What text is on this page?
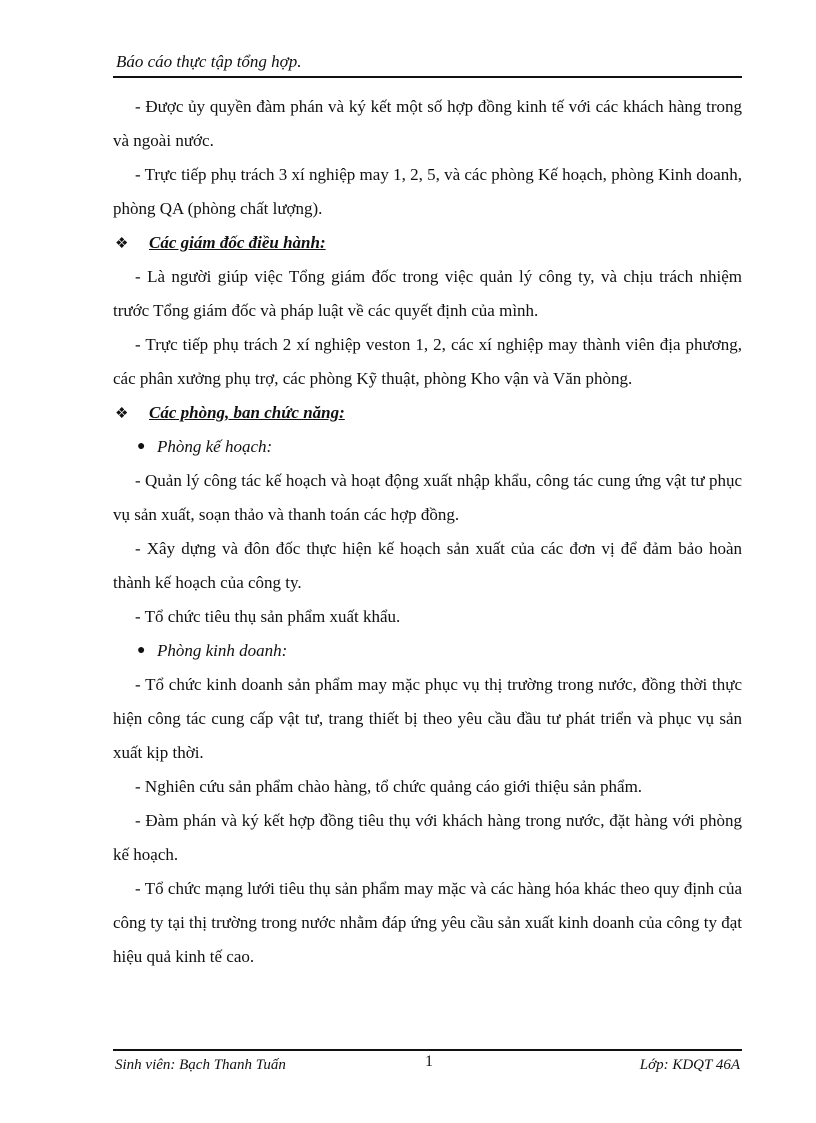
Báo cáo thực tập tổng hợp.

- Được ủy quyền đàm phán và ký kết một số hợp đồng kinh tế với các khách hàng trong và ngoài nước.

- Trực tiếp phụ trách 3 xí nghiệp may 1, 2, 5, và các phòng Kế hoạch, phòng Kinh doanh, phòng QA (phòng chất lượng).

❖	Các giám đốc điều hành:

- Là người giúp việc Tổng giám đốc trong việc quản lý công ty, và chịu trách nhiệm trước Tổng giám đốc và pháp luật về các quyết định của mình.

- Trực tiếp phụ trách 2 xí nghiệp veston 1, 2, các xí nghiệp may thành viên địa phương, các phân xưởng phụ trợ, các phòng Kỹ thuật, phòng Kho vận và Văn phòng.

❖	Các phòng, ban chức năng:
● Phòng kế hoạch:

- Quản lý công tác kế hoạch và hoạt động xuất nhập khẩu, công tác cung ứng vật tư phục vụ sản xuất, soạn thảo và thanh toán các hợp đồng.

- Xây dựng và đôn đốc thực hiện kế hoạch sản xuất của các đơn vị để đảm bảo hoàn thành kế hoạch của công ty.

- Tổ chức tiêu thụ sản phẩm xuất khẩu.

● Phòng kinh doanh:

- Tổ chức kinh doanh sản phẩm may mặc phục vụ thị trường trong nước, đồng thời thực hiện công tác cung cấp vật tư, trang thiết bị theo yêu cầu đầu tư phát triển và phục vụ sản xuất kịp thời.

- Nghiên cứu sản phẩm chào hàng, tổ chức quảng cáo giới thiệu sản phẩm.

- Đàm phán và ký kết hợp đồng tiêu thụ với khách hàng trong nước, đặt hàng với phòng kế hoạch.

- Tổ chức mạng lưới tiêu thụ sản phẩm may mặc và các hàng hóa khác theo quy định của công ty tại thị trường trong nước nhằm đáp ứng yêu cầu sản xuất kinh doanh của công ty đạt hiệu quả kinh tế cao.

Sinh viên: Bạch Thanh Tuấn	1	Lớp: KDQT 46A
